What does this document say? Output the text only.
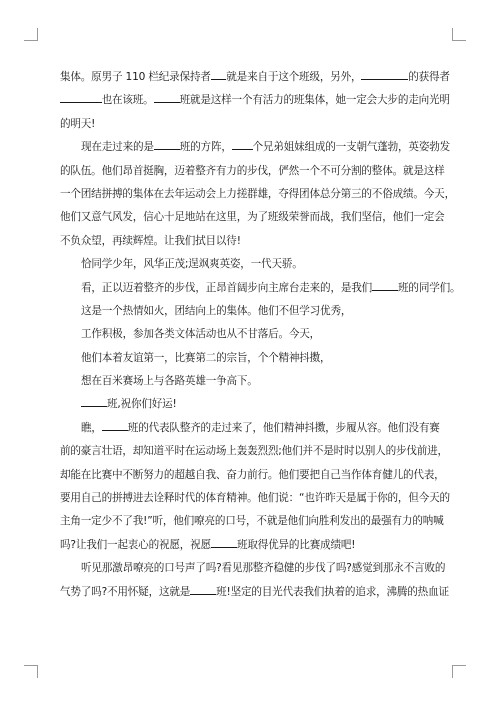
集体。原男子 110 栏纪录保持者 就是来自于这个班级，另外，	的获得者
也在该班。 班就是这样一个有活力的班集体，她一定会大步的走向光明
的明天!
现在走过来的是 班的方阵， 个兄弟姐妹组成的一支朝气蓬勃，英姿勃发
的队伍。他们昂首挺胸，迈着整齐有力的步伐，俨然一个不可分割的整体。就是这样
一个团结拼搏的集体在去年运动会上力搓群雄，夺得团体总分第三的不俗成绩。今天，
他们又意气风发，信心十足地站在这里，为了班级荣誉而战，我们坚信，他们一定会
不负众望，再续辉煌。让我们拭目以待!
恰同学少年，风华正茂;逞飒爽英姿，一代天骄。
看，正以迈着整齐的步伐，正昂首阔步向主席台走来的，是我们 班的同学们。
这是一个热情如火，团结向上的集体。他们不但学习优秀，
工作积极，参加各类文体活动也从不甘落后。今天，
他们本着友谊第一，比赛第二的宗旨，个个精神抖擞，
想在百米赛场上与各路英雄一争高下。
班,祝你们好运!
瞧， 班的代表队整齐的走过来了，他们精神抖擞，步履从容。他们没有赛
前的豪言壮语，却知道平时在运动场上轰轰烈烈;他们并不是时时以别人的步伐前进，
却能在比赛中不断努力的超越自我、奋力前行。他们要把自己当作体育健儿的代表，
要用自己的拼搏进去诠释时代的体育精神。他们说：“也许昨天是属于你的，但今天的
主角一定少不了我!”听，他们嘹亮的口号，不就是他们向胜利发出的最强有力的呐喊
吗?让我们一起衷心的祝愿，祝愿 班取得优异的比赛成绩吧!
听见那激昂嘹亮的口号声了吗?看见那整齐稳健的步伐了吗?感觉到那永不言败的
气势了吗?不用怀疑，这就是 班!坚定的目光代表我们执着的追求，沸腾的热血证
